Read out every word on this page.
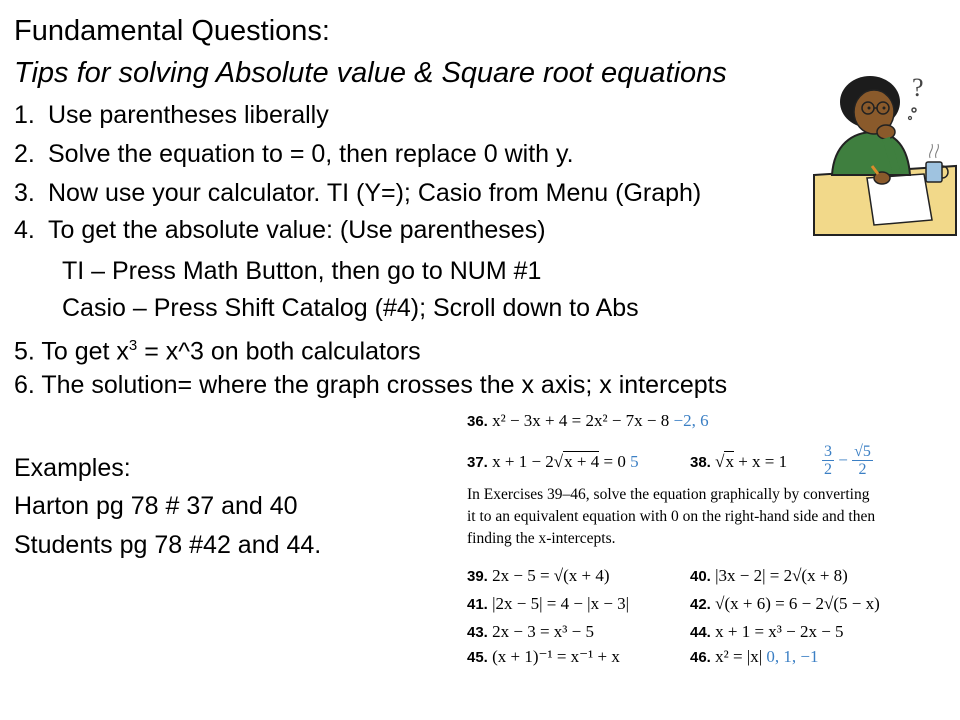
Fundamental Questions:
Tips for solving Absolute value & Square root equations
1. Use parentheses liberally
2. Solve the equation to = 0, then replace 0 with y.
3. Now use your calculator. TI (Y=); Casio from Menu (Graph)
4. To get the absolute value: (Use parentheses)
TI – Press Math Button, then go to NUM #1
Casio – Press Shift Catalog (#4); Scroll down to Abs
5. To get $x^3$ = x^3 on both calculators
6. The solution= where the graph crosses the x axis; x intercepts
Examples:
Harton pg 78 # 37 and 40
Students pg 78 #42 and 44.
?
36. x² − 3x + 4 = 2x² − 7x − 8 −2, 6
37. x + 1 − 2√x + 4 = 0 5	38. $√x + x = 1 \frac{3}{2} - \frac{√5}{2}$
In Exercises 39–46, solve the equation graphically by converting it to an equivalent equation with 0 on the right-hand side and then finding the x-intercepts.
39. 2x − 5 = √(x + 4)	40. |3x − 2| = 2√(x + 8)
41. |2x − 5| = 4 − |x − 3|	42. √(x + 6) = 6 − 2√(5 − x)
43. 2x − 3 = x³ − 5	44. x + 1 = x³ − 2x − 5
45. (x + 1)⁻¹ = x⁻¹ + x	46. x² = |x| 0, 1, −1
